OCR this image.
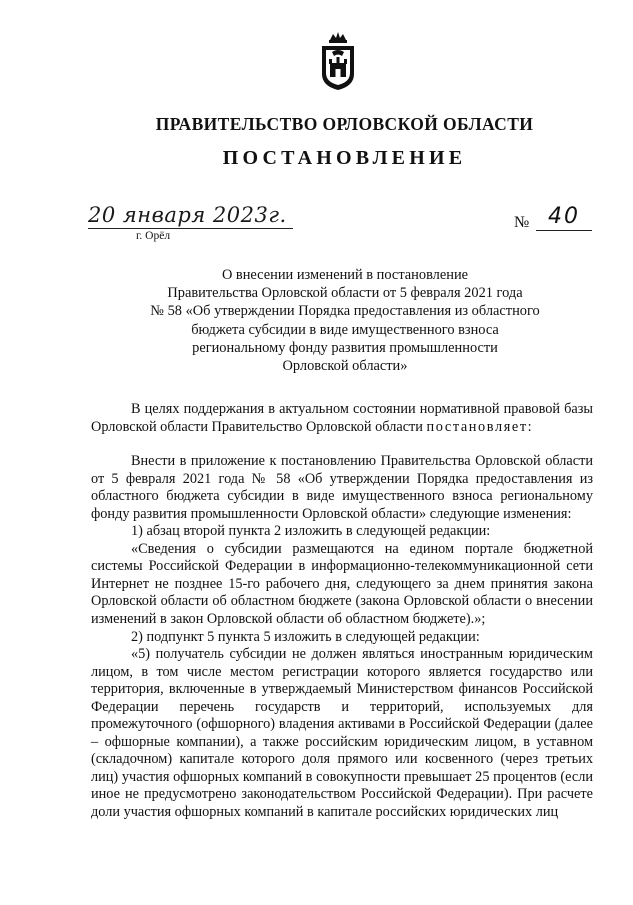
ПРАВИТЕЛЬСТВО ОРЛОВСКОЙ ОБЛАСТИ
ПОСТАНОВЛЕНИЕ
20 января 2023г.
г. Орёл
№ 40
О внесении изменений в постановление
Правительства Орловской области от 5 февраля 2021 года
№ 58 «Об утверждении Порядка предоставления из областного
бюджета субсидии в виде имущественного взноса
региональному фонду развития промышленности
Орловской области»

В целях поддержания в актуальном состоянии нормативной правовой базы Орловской области Правительство Орловской области постановляет:

Внести в приложение к постановлению Правительства Орловской области от 5 февраля 2021 года № 58 «Об утверждении Порядка предоставления из областного бюджета субсидии в виде имущественного взноса региональному фонду развития промышленности Орловской области» следующие изменения:

1) абзац второй пункта 2 изложить в следующей редакции:

«Сведения о субсидии размещаются на едином портале бюджетной системы Российской Федерации в информационно-телекоммуникационной сети Интернет не позднее 15-го рабочего дня, следующего за днем принятия закона Орловской области об областном бюджете (закона Орловской области о внесении изменений в закон Орловской области об областном бюджете).»;

2) подпункт 5 пункта 5 изложить в следующей редакции:

«5) получатель субсидии не должен являться иностранным юридическим лицом, в том числе местом регистрации которого является государство или территория, включенные в утверждаемый Министерством финансов Российской Федерации перечень государств и территорий, используемых для промежуточного (офшорного) владения активами в Российской Федерации (далее – офшорные компании), а также российским юридическим лицом, в уставном (складочном) капитале которого доля прямого или косвенного (через третьих лиц) участия офшорных компаний в совокупности превышает 25 процентов (если иное не предусмотрено законодательством Российской Федерации). При расчете доли участия офшорных компаний в капитале российских юридических лиц
